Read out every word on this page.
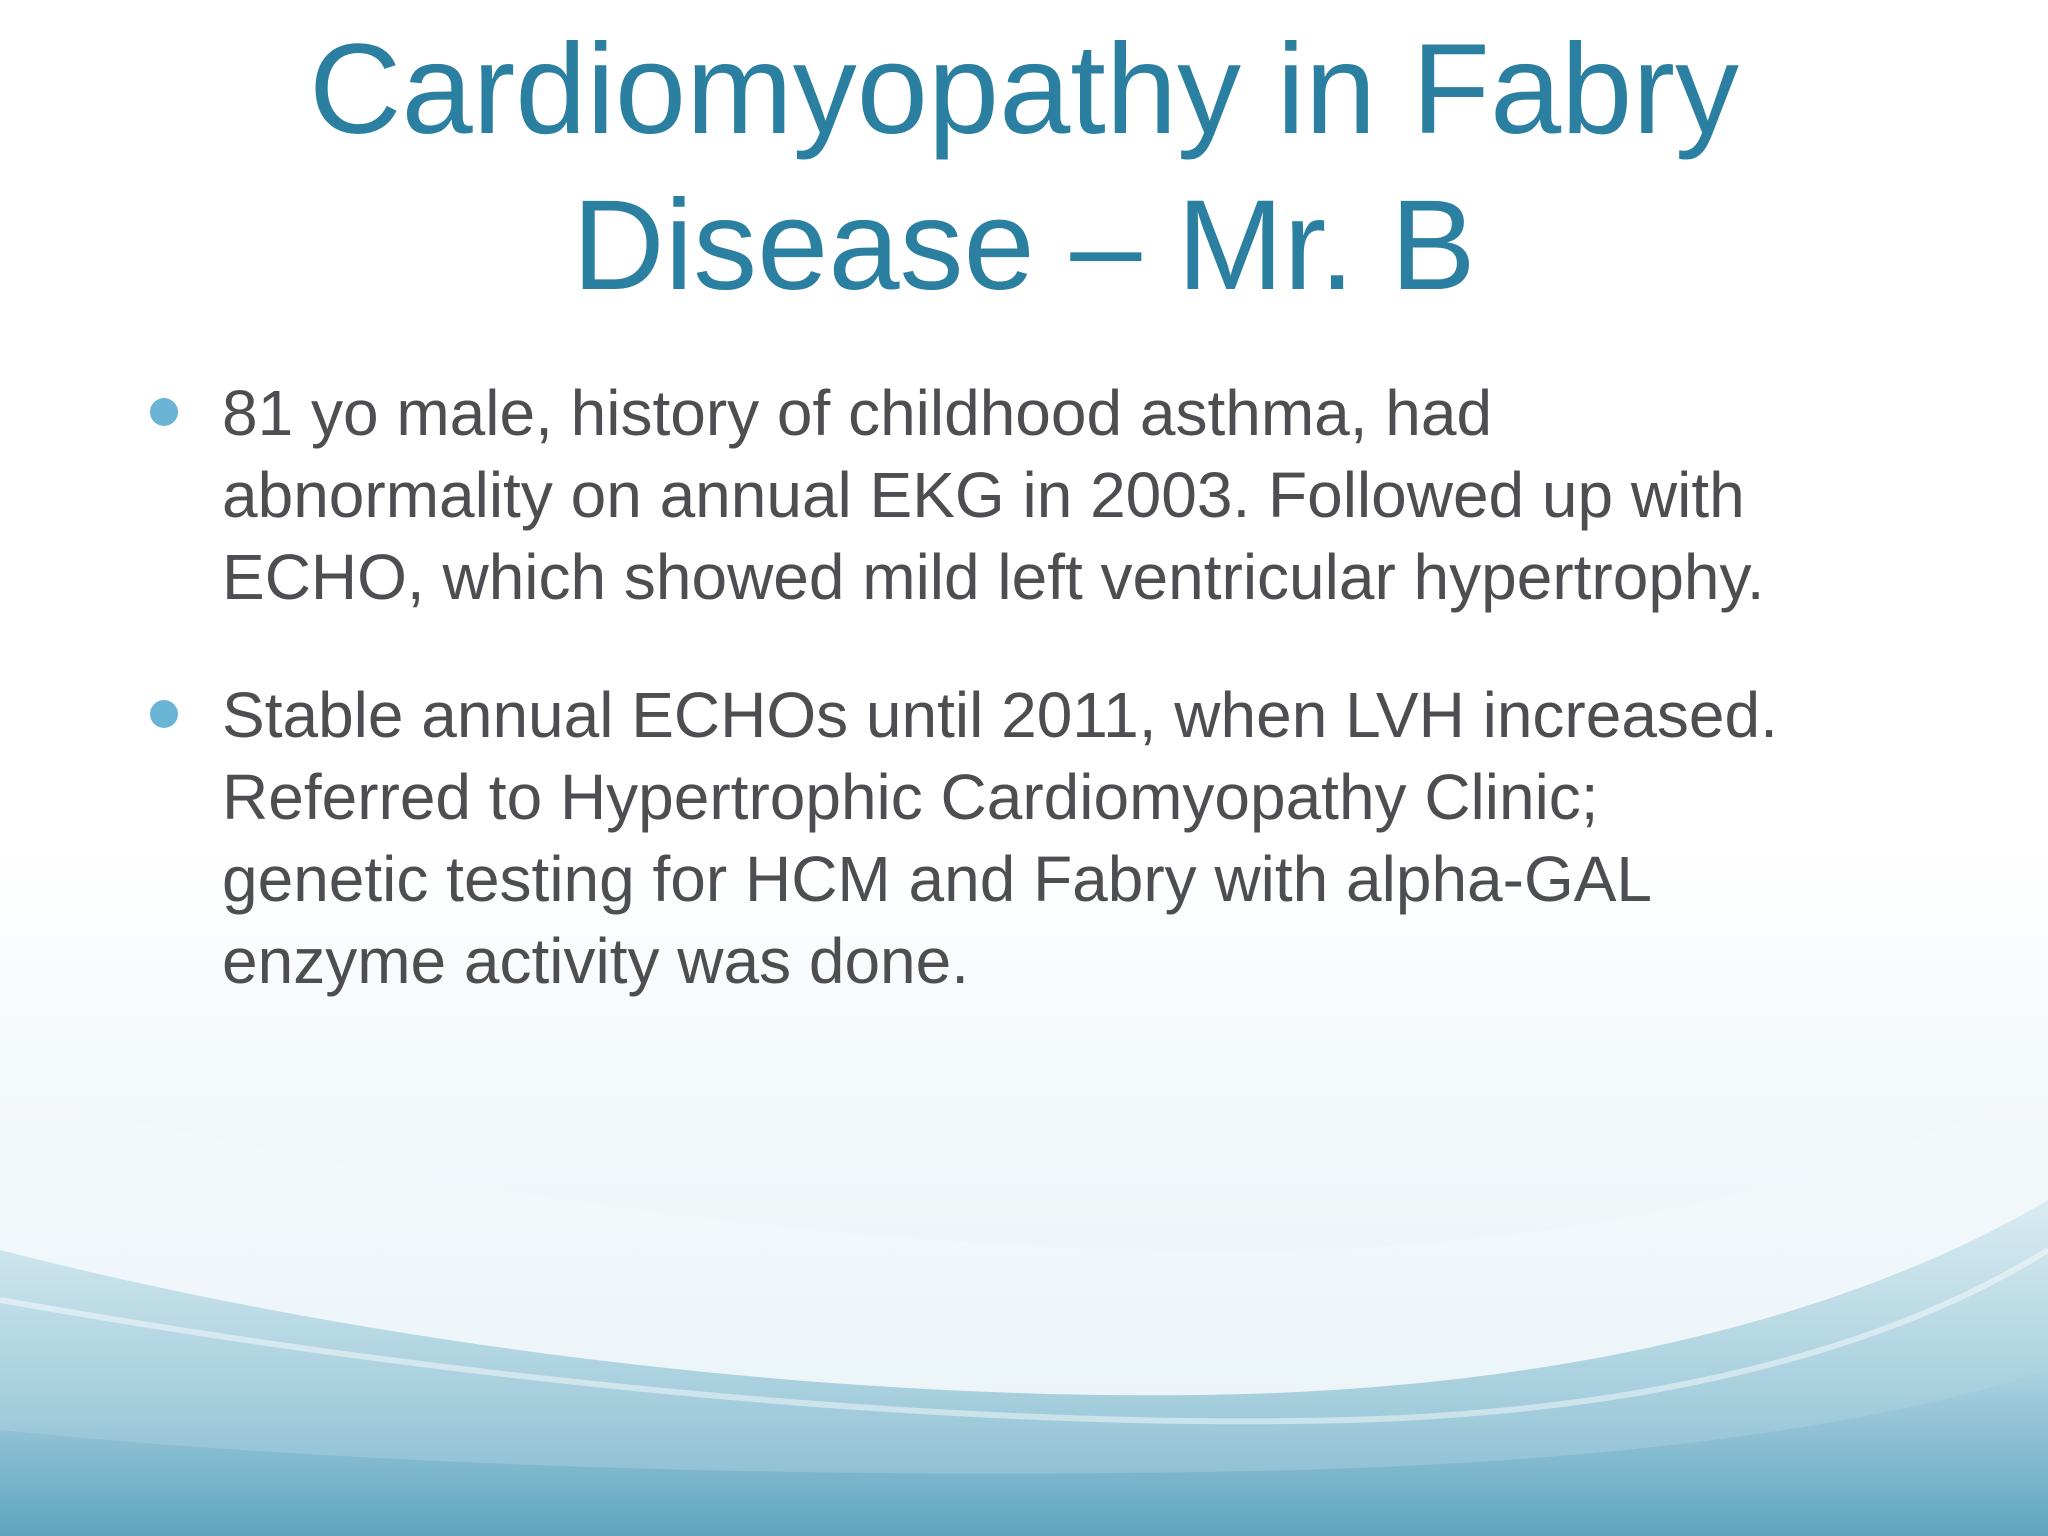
Cardiomyopathy in Fabry
Disease – Mr. B
81 yo male, history of childhood asthma, had
abnormality on annual EKG in 2003. Followed up with
ECHO, which showed mild left ventricular hypertrophy.
Stable annual ECHOs until 2011, when LVH increased.
Referred to Hypertrophic Cardiomyopathy Clinic;
genetic testing for HCM and Fabry with alpha-GAL
enzyme activity was done.
